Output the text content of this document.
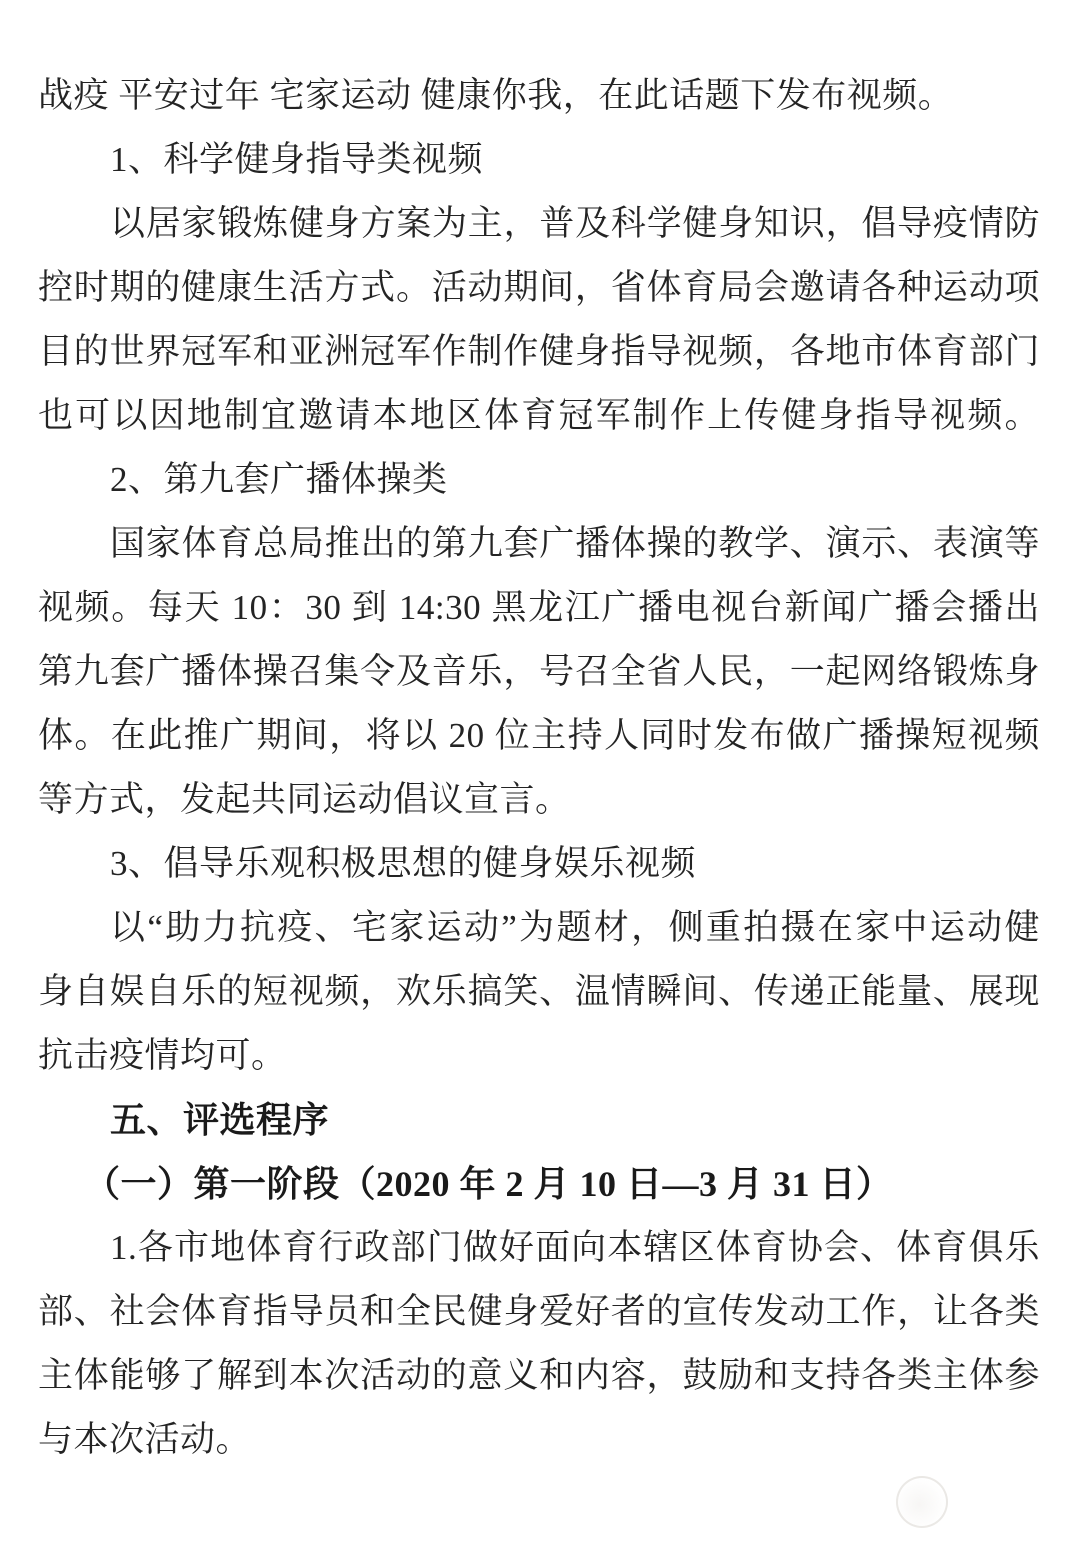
战疫 平安过年 宅家运动 健康你我，在此话题下发布视频。
1、科学健身指导类视频
以居家锻炼健身方案为主，普及科学健身知识，倡导疫情防
控时期的健康生活方式。活动期间，省体育局会邀请各种运动项
目的世界冠军和亚洲冠军作制作健身指导视频，各地市体育部门
也可以因地制宜邀请本地区体育冠军制作上传健身指导视频。
2、第九套广播体操类
国家体育总局推出的第九套广播体操的教学、演示、表演等
视频。每天 10：30 到 14:30 黑龙江广播电视台新闻广播会播出
第九套广播体操召集令及音乐，号召全省人民，一起网络锻炼身
体。在此推广期间，将以 20 位主持人同时发布做广播操短视频
等方式，发起共同运动倡议宣言。
3、倡导乐观积极思想的健身娱乐视频
以“助力抗疫、宅家运动”为题材，侧重拍摄在家中运动健
身自娱自乐的短视频，欢乐搞笑、温情瞬间、传递正能量、展现
抗击疫情均可。
五、评选程序
（一）第一阶段（2020 年 2 月 10 日—3 月 31 日）
1.各市地体育行政部门做好面向本辖区体育协会、体育俱乐
部、社会体育指导员和全民健身爱好者的宣传发动工作，让各类
主体能够了解到本次活动的意义和内容，鼓励和支持各类主体参
与本次活动。
